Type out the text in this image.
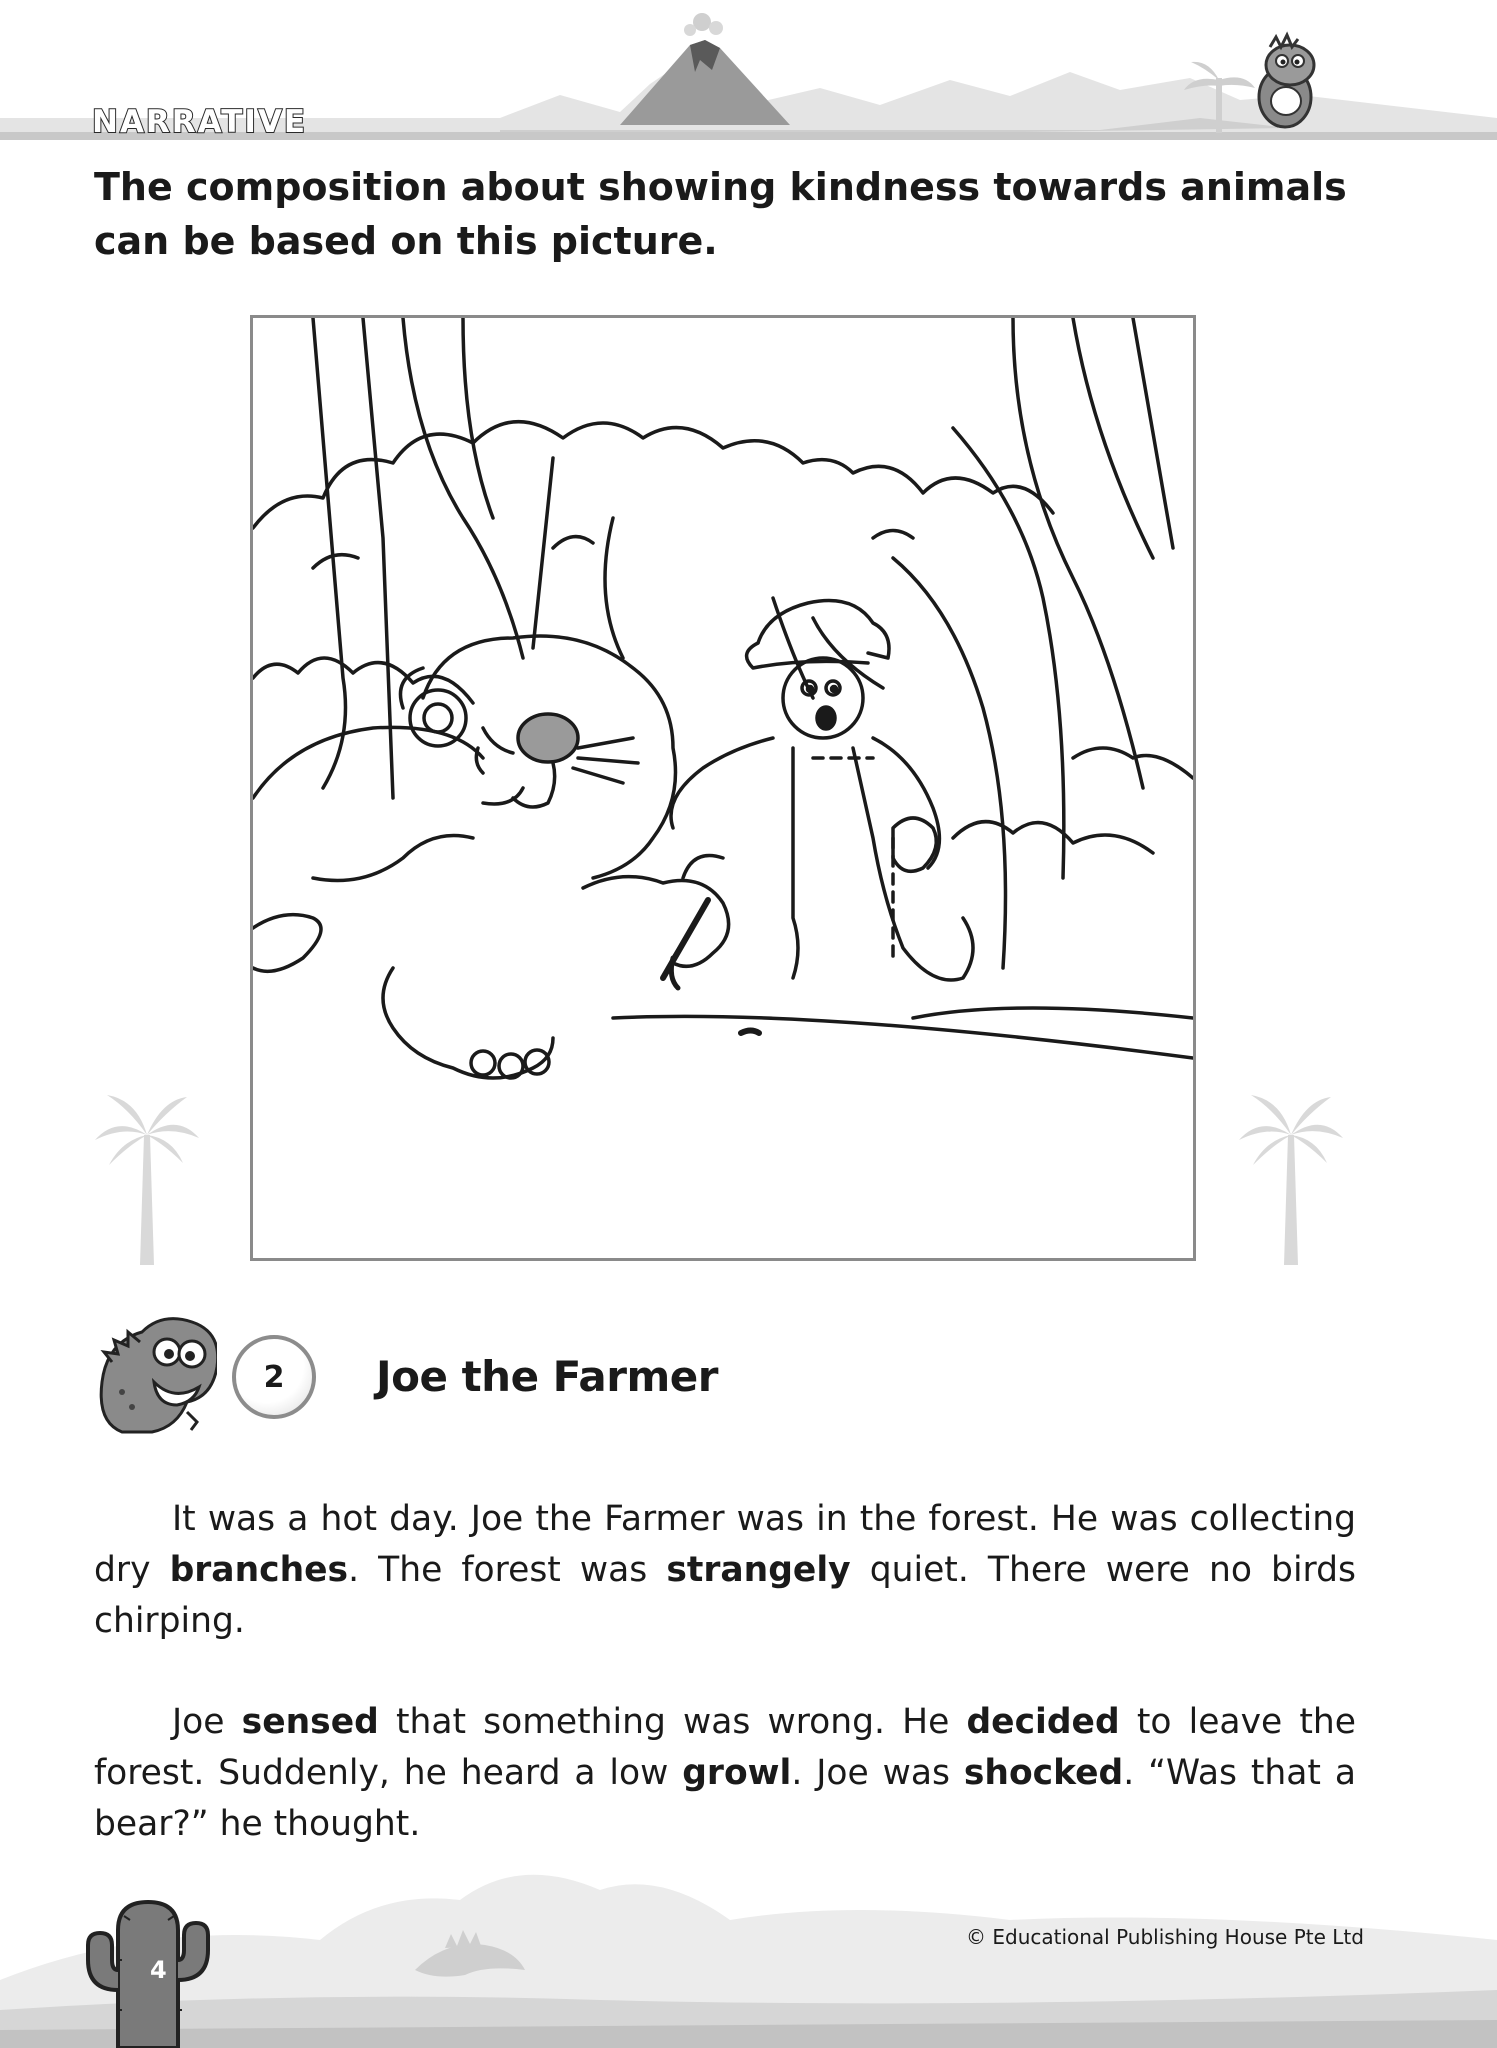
NARRATIVE
The composition about showing kindness towards animals can be based on this picture.
2	Joe the Farmer

It was a hot day. Joe the Farmer was in the forest. He was collecting dry branches. The forest was strangely quiet. There were no birds chirping.

Joe sensed that something was wrong. He decided to leave the forest. Suddenly, he heard a low growl. Joe was shocked. “Was that a bear?” he thought.

© Educational Publishing House Pte Ltd
4
